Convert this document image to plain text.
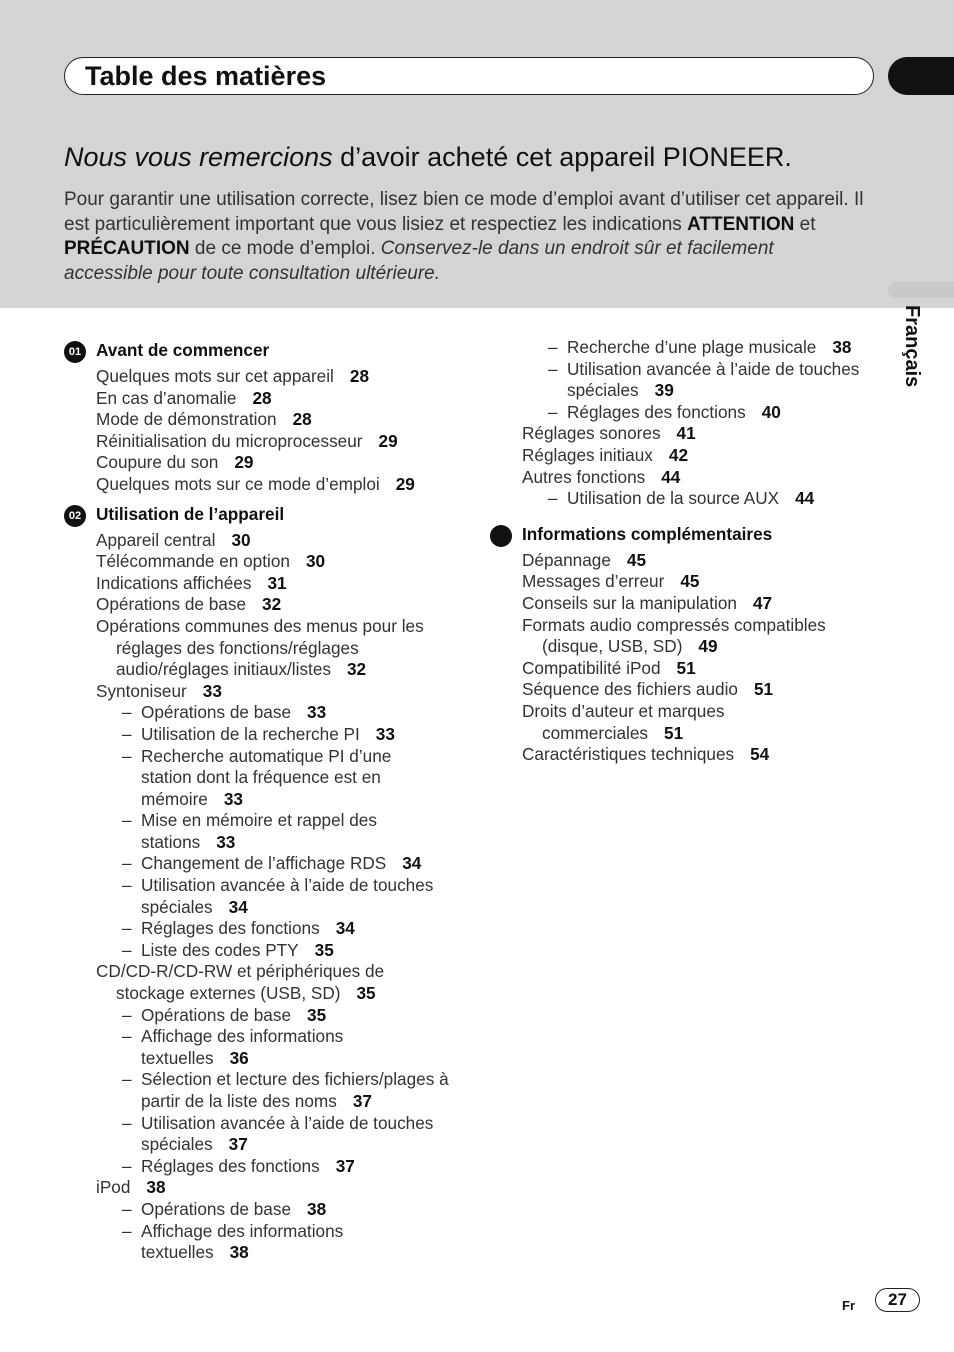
Table des matières
Nous vous remercions d’avoir acheté cet appareil PIONEER.
Pour garantir une utilisation correcte, lisez bien ce mode d’emploi avant d’utiliser cet appareil. Il est particulièrement important que vous lisiez et respectiez les indications ATTENTION et PRÉCAUTION de ce mode d’emploi. Conservez-le dans un endroit sûr et facilement accessible pour toute consultation ultérieure.
Français
01 Avant de commencer
Quelques mots sur cet appareil 28
En cas d’anomalie 28
Mode de démonstration 28
Réinitialisation du microprocesseur 29
Coupure du son 29
Quelques mots sur ce mode d’emploi 29
02 Utilisation de l’appareil
Appareil central 30
Télécommande en option 30
Indications affichées 31
Opérations de base 32
Opérations communes des menus pour les réglages des fonctions/réglages audio/réglages initiaux/listes 32
Syntoniseur 33
– Opérations de base 33
– Utilisation de la recherche PI 33
– Recherche automatique PI d’une station dont la fréquence est en mémoire 33
– Mise en mémoire et rappel des stations 33
– Changement de l’affichage RDS 34
– Utilisation avancée à l’aide de touches spéciales 34
– Réglages des fonctions 34
– Liste des codes PTY 35
CD/CD-R/CD-RW et périphériques de stockage externes (USB, SD) 35
– Opérations de base 35
– Affichage des informations textuelles 36
– Sélection et lecture des fichiers/plages à partir de la liste des noms 37
– Utilisation avancée à l’aide de touches spéciales 37
– Réglages des fonctions 37
iPod 38
– Opérations de base 38
– Affichage des informations textuelles 38
– Recherche d’une plage musicale 38
– Utilisation avancée à l’aide de touches spéciales 39
– Réglages des fonctions 40
Réglages sonores 41
Réglages initiaux 42
Autres fonctions 44
– Utilisation de la source AUX 44
Informations complémentaires
Dépannage 45
Messages d’erreur 45
Conseils sur la manipulation 47
Formats audio compressés compatibles (disque, USB, SD) 49
Compatibilité iPod 51
Séquence des fichiers audio 51
Droits d’auteur et marques commerciales 51
Caractéristiques techniques 54
Fr	27
